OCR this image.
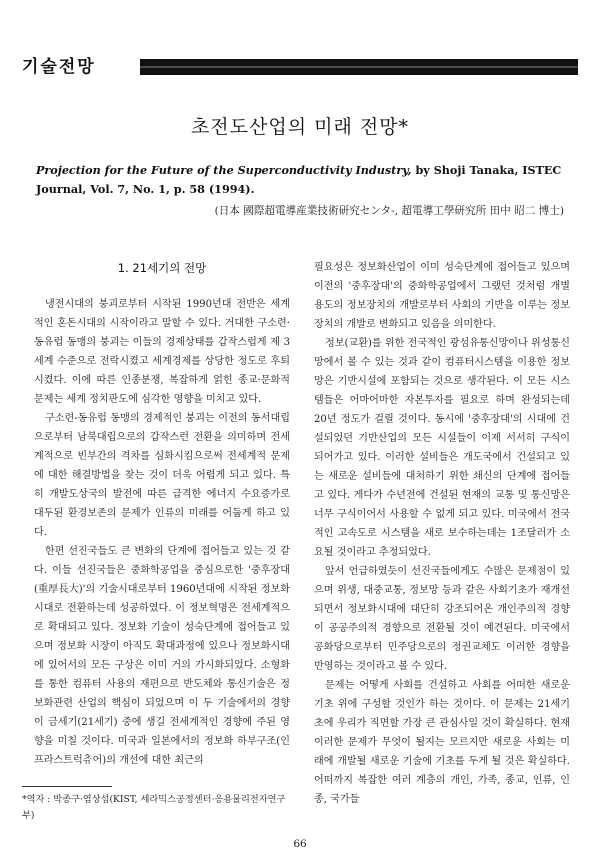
기술전망
초전도산업의 미래 전망*
Projection for the Future of the Superconductivity Industry, by Shoji Tanaka, ISTEC Journal, Vol. 7, No. 1, p. 58 (1994).
(日本 國際超電導産業技術研究センタ-, 超電導工學研究所 田中 昭二 博士)
1. 21세기의 전망

냉전시대의 붕괴로부터 시작된 1990년대 전반은 세계적인 혼돈시대의 시작이라고 말할 수 있다. 거대한 구소련·동유럽 동맹의 붕괴는 이들의 경제상태를 갑작스럽게 제 3세계 수준으로 전락시켰고 세계경제를 상당한 정도로 후퇴시켰다. 이에 따른 인종분쟁, 복잡하게 얽힌 종교·문화적 문제는 세계 정치판도에 심각한 영향을 미치고 있다.

구소련-동유럽 동맹의 경제적인 붕괴는 이전의 동서대립으로부터 남북대립으로의 갑작스런 전환을 의미하며 전세계적으로 빈부간의 격차를 심화시킴으로써 전세계적 문제에 대한 해결방법을 찾는 것이 더욱 어렵게 되고 있다. 특히 개발도상국의 발전에 따른 급격한 에너지 수요증가로 대두된 환경보존의 문제가 인류의 미래를 어둡게 하고 있다.

한편 선진국들도 큰 변화의 단계에 접어들고 있는 것 같다. 이들 선진국들은 중화학공업을 중심으로한 '중후장대(重厚長大)'의 기술시대로부터 1960년대에 시작된 정보화시대로 전환하는데 성공하였다. 이 정보혁명은 전세계적으로 확대되고 있다. 정보화 기술이 성숙단계에 접어들고 있으며 정보화 시장이 아직도 확대과정에 있으나 정보화시대에 있어서의 모든 구상은 이미 거의 가시화되었다. 소형화를 통한 컴퓨터 사용의 재편으로 반도체와 통신기술은 정보화관련 산업의 핵심이 되었으며 이 두 기술에서의 경향이 금세기(21세기) 중에 생길 전세계적인 경향에 주된 영향을 미칠 것이다. 미국과 일본에서의 정보화 하부구조(인프라스트럭츄어)의 개선에 대한 최근의

필요성은 정보화산업이 이미 성숙단계에 접어들고 있으며 이전의 '중후장대'의 중화학공업에서 그랬던 것처럼 개별 용도의 정보장치의 개발로부터 사회의 기반을 이루는 정보장치의 개발로 변화되고 있음을 의미한다.

정보(교환)를 위한 전국적인 광섬유통신망이나 위성통신망에서 볼 수 있는 것과 같이 컴퓨터시스템을 이용한 정보망은 기반시설에 포함되는 것으로 생각된다. 이 모든 시스템들은 어마어마한 자본투자를 필요로 하며 완성되는데 20년 정도가 걸릴 것이다. 동시에 '중후장대'의 시대에 건설되었던 기반산업의 모든 시설들이 이제 서서히 구식이 되어가고 있다. 이러한 설비들은 개도국에서 건설되고 있는 새로운 설비들에 대처하기 위한 쇄신의 단계에 접어들고 있다. 게다가 수년전에 건설된 현재의 교통 및 통신망은 너무 구식이어서 사용할 수 없게 되고 있다. 미국에서 전국적인 고속도로 시스템을 새로 보수하는데는 1조달러가 소요될 것이라고 추정되었다.

앞서 언급하였듯이 선진국들에게도 수많은 문제점이 있으며 위생, 대중교통, 정보망 등과 같은 사회기초가 재개선되면서 정보화시대에 대단히 강조되어온 개인주의적 경향이 공공주의적 경향으로 전환될 것이 예견된다. 미국에서 공화당으로부터 민주당으로의 정권교체도 이러한 경향을 반영하는 것이라고 볼 수 있다.

문제는 어떻게 사회를 건설하고 사회를 어떠한 새로운 기초 위에 구성할 것인가 하는 것이다. 이 문제는 21세기 초에 우리가 직면할 가장 큰 관심사일 것이 확실하다. 현재 이러한 문제가 무엇이 될지는 모르지만 새로운 사회는 미래에 개발될 새로운 기술에 기초를 두게 될 것은 확실하다. 어떠까지 복잡한 여러 계층의 개인, 가족, 종교, 인류, 인종, 국가들

*역자 : 박종구·염상섭(KIST, 세라믹스공정센터·응용물리전자연구부)
66
